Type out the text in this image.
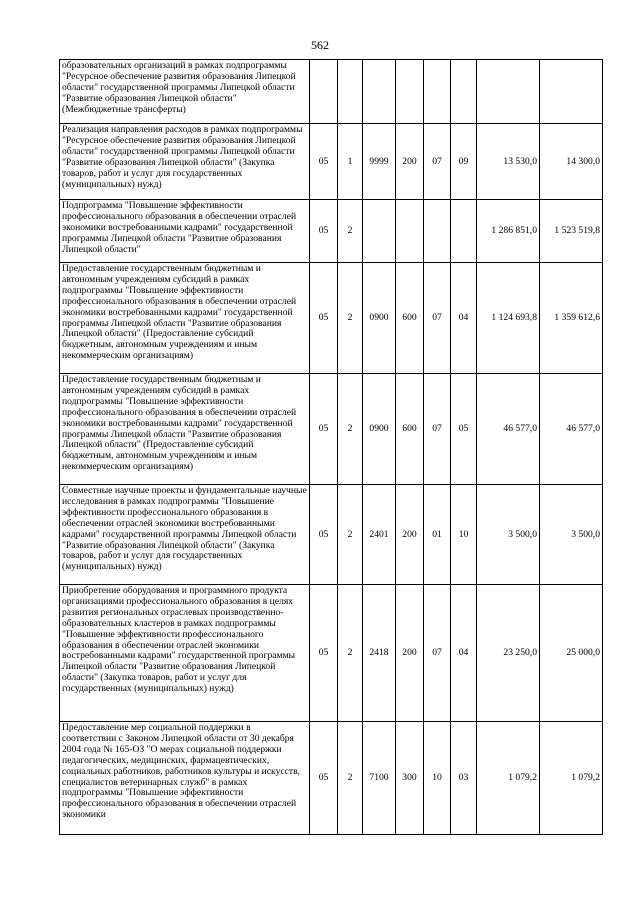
562
образовательных организаций в рамках подпрограммы "Ресурсное обеспечение развития образования Липецкой области" государственной программы Липецкой области "Развитие образования Липецкой области" (Межбюджетные трансферты)								
Реализация направления расходов в рамках подпрограммы "Ресурсное обеспечение развития образования Липецкой области" государственной программы Липецкой области "Развитие образования Липецкой области" (Закупка товаров, работ и услуг для государственных (муниципальных) нужд)	05	1	9999	200	07	09	13 530,0	14 300,0
Подпрограмма "Повышение эффективности профессионального образования в обеспечении отраслей экономики востребованными кадрами" государственной программы Липецкой области "Развитие образования Липецкой области"	05	2					1 286 851,0	1 523 519,8
Предоставление государственным бюджетным и автономным учреждениям субсидий в рамках подпрограммы "Повышение эффективности профессионального образования в обеспечении отраслей экономики востребованными кадрами" государственной программы Липецкой области "Развитие образования Липецкой области" (Предоставление субсидий бюджетным, автономным учреждениям и иным некоммерческим организациям)	05	2	0900	600	07	04	1 124 693,8	1 359 612,6
Предоставление государственным бюджетным и автономным учреждениям субсидий в рамках подпрограммы "Повышение эффективности профессионального образования в обеспечении отраслей экономики востребованными кадрами" государственной программы Липецкой области "Развитие образования Липецкой области" (Предоставление субсидий бюджетным, автономным учреждениям и иным некоммерческим организациям)	05	2	0900	600	07	05	46 577,0	46 577,0
Совместные научные проекты и фундаментальные научные исследования в рамках подпрограммы "Повышение эффективности профессионального образования в обеспечении отраслей экономики востребованными кадрами" государственной программы Липецкой области "Развитие образования Липецкой области" (Закупка товаров, работ и услуг для государственных (муниципальных) нужд)	05	2	2401	200	01	10	3 500,0	3 500,0
Приобретение оборудования и программного продукта организациями профессионального образования в целях развития региональных отраслевых производственно-образовательных кластеров в рамках подпрограммы "Повышение эффективности профессионального образования в обеспечении отраслей экономики востребованными кадрами" государственной программы Липецкой области "Развитие образования Липецкой области" (Закупка товаров, работ и услуг для государственных (муниципальных) нужд)	05	2	2418	200	07	04	23 250,0	25 000,0
Предоставление мер социальной поддержки в соответствии с Законом Липецкой области от 30 декабря 2004 года № 165-ОЗ "О мерах социальной поддержки педагогических, медицинских, фармацевтических, социальных работников, работников культуры и искусств, специалистов ветеринарных служб" в рамках подпрограммы "Повышение эффективности профессионального образования в обеспечении отраслей экономики	05	2	7100	300	10	03	1 079,2	1 079,2
